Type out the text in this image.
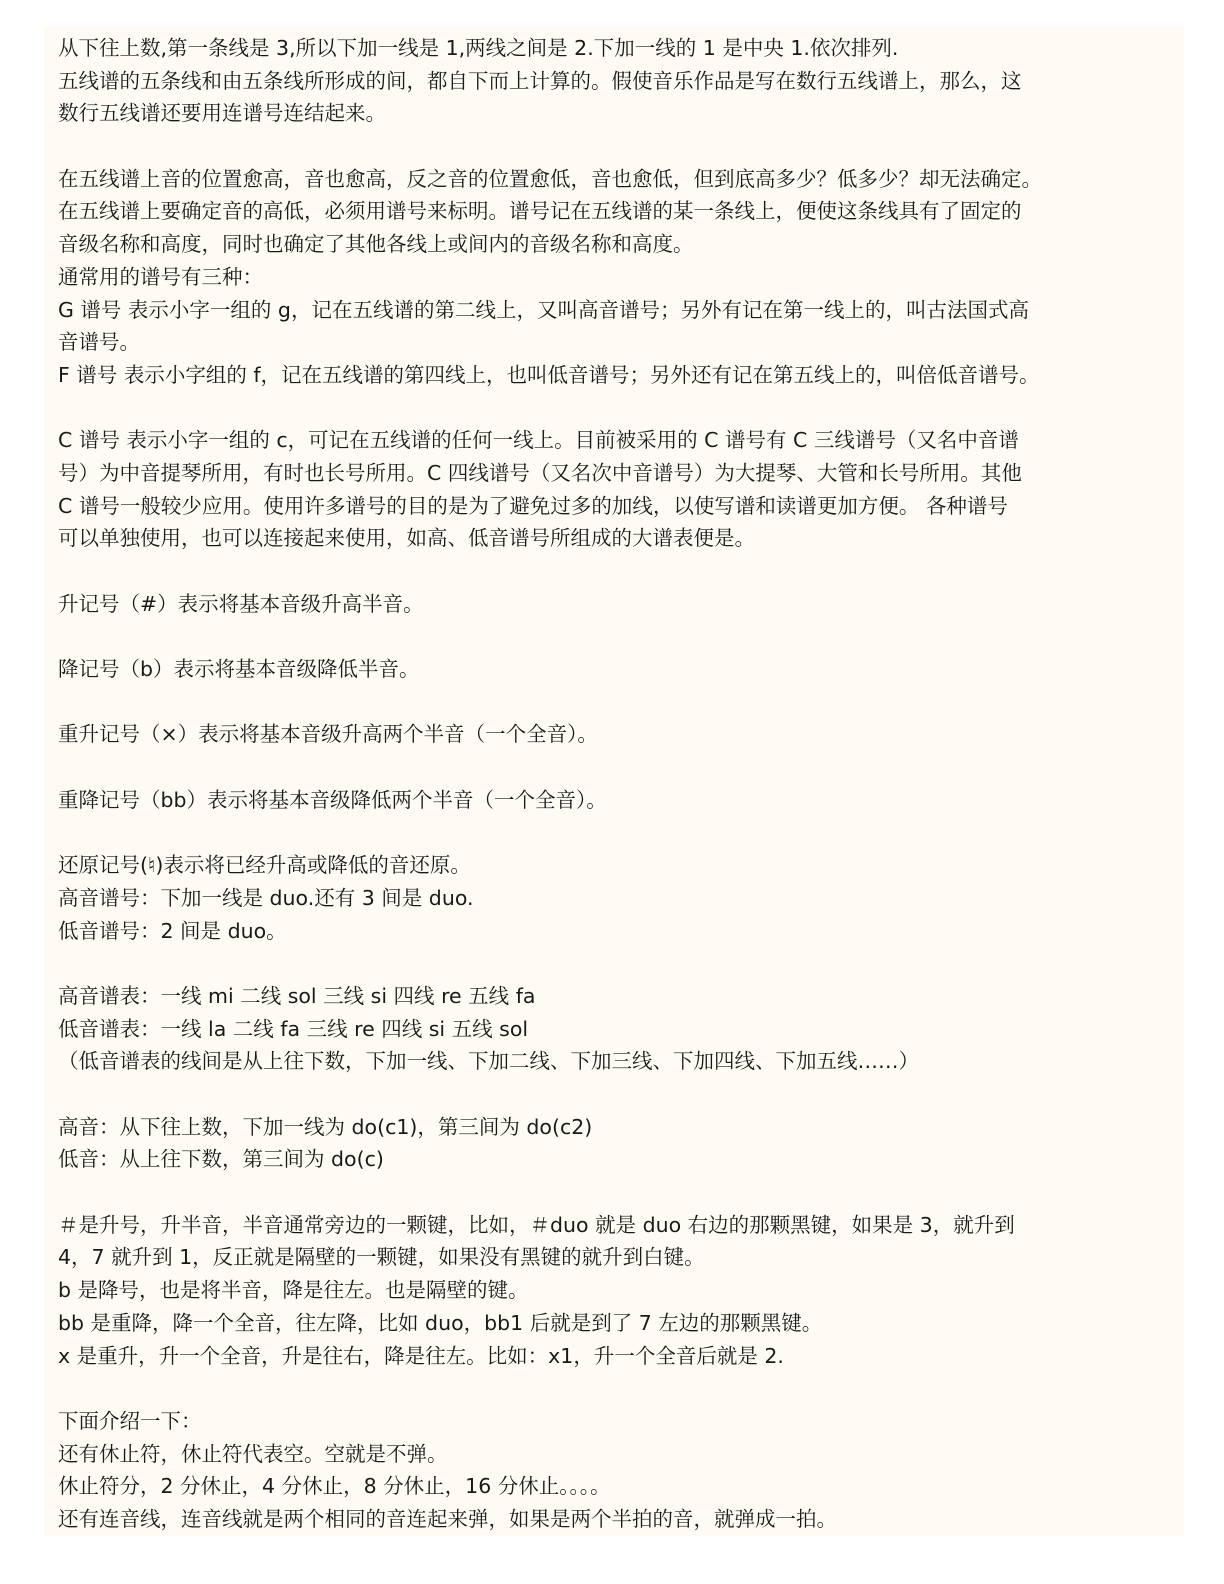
从下往上数,第一条线是 3,所以下加一线是 1,两线之间是 2.下加一线的 1 是中央 1.依次排列.
五线谱的五条线和由五条线所形成的间，都自下而上计算的。假使音乐作品是写在数行五线谱上，那么，这
数行五线谱还要用连谱号连结起来。
在五线谱上音的位置愈高，音也愈高，反之音的位置愈低，音也愈低，但到底高多少？低多少？却无法确定。
在五线谱上要确定音的高低，必须用谱号来标明。谱号记在五线谱的某一条线上，便使这条线具有了固定的
音级名称和高度，同时也确定了其他各线上或间内的音级名称和高度。
通常用的谱号有三种：
G 谱号 表示小字一组的 g，记在五线谱的第二线上，又叫高音谱号；另外有记在第一线上的，叫古法国式高
音谱号。
F 谱号 表示小字组的 f，记在五线谱的第四线上，也叫低音谱号；另外还有记在第五线上的，叫倍低音谱号。
C 谱号 表示小字一组的 c，可记在五线谱的任何一线上。目前被采用的 C 谱号有 C 三线谱号（又名中音谱
号）为中音提琴所用，有时也长号所用。C 四线谱号（又名次中音谱号）为大提琴、大管和长号所用。其他
C 谱号一般较少应用。使用许多谱号的目的是为了避免过多的加线，以使写谱和读谱更加方便。 各种谱号
可以单独使用，也可以连接起来使用，如高、低音谱号所组成的大谱表便是。
升记号（#）表示将基本音级升高半音。
降记号（b）表示将基本音级降低半音。
重升记号（×）表示将基本音级升高两个半音（一个全音）。
重降记号（bb）表示将基本音级降低两个半音（一个全音）。
还原记号(♮)表示将已经升高或降低的音还原。
高音谱号：下加一线是 duo.还有 3 间是 duo.
低音谱号：2 间是 duo。
高音谱表：一线 mi 二线 sol 三线 si 四线 re 五线 fa
低音谱表：一线 la 二线 fa 三线 re 四线 si 五线 sol
（低音谱表的线间是从上往下数，下加一线、下加二线、下加三线、下加四线、下加五线……）
高音：从下往上数，下加一线为 do(c1)，第三间为 do(c2)
低音：从上往下数，第三间为 do(c)
＃是升号，升半音，半音通常旁边的一颗键，比如，＃duo 就是 duo 右边的那颗黑键，如果是 3，就升到
4，7 就升到 1，反正就是隔壁的一颗键，如果没有黑键的就升到白键。
b 是降号，也是将半音，降是往左。也是隔壁的键。
bb 是重降，降一个全音，往左降，比如 duo，bb1 后就是到了 7 左边的那颗黑键。
x 是重升，升一个全音，升是往右，降是往左。比如：x1，升一个全音后就是 2.
下面介绍一下：
还有休止符，休止符代表空。空就是不弹。
休止符分，2 分休止，4 分休止，8 分休止，16 分休止。。。。
还有连音线，连音线就是两个相同的音连起来弹，如果是两个半拍的音，就弹成一拍。
